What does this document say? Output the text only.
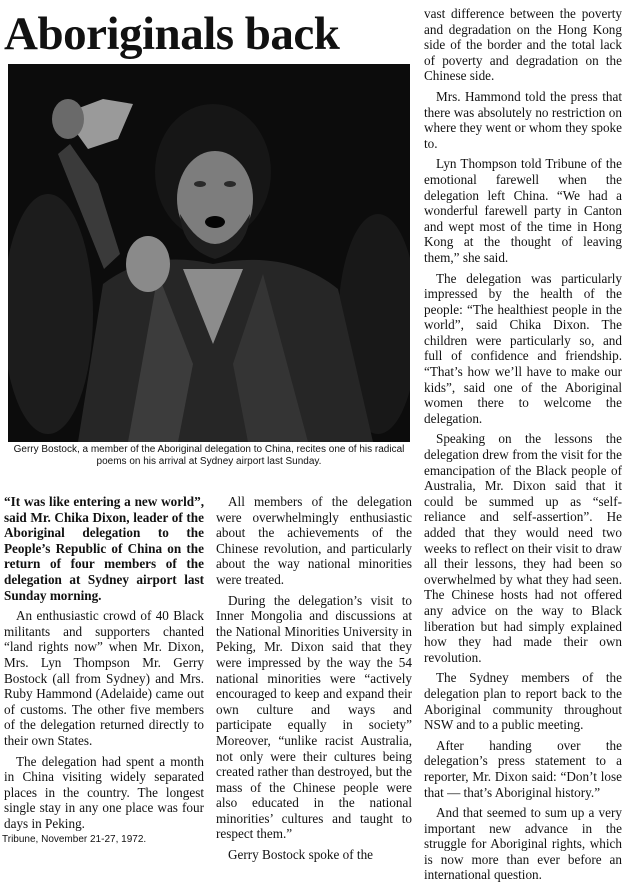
Aboriginals back

Gerry Bostock, a member of the Aboriginal delegation to China, recites one of his radical poems on his arrival at Sydney airport last Sunday.

“It was like entering a new world”, said Mr. Chika Dixon, leader of the Aboriginal delegation to the People’s Republic of China on the return of four members of the delegation at Sydney airport last Sunday morning.

An enthusiastic crowd of 40 Black militants and supporters chanted “land rights now” when Mr. Dixon, Mrs. Lyn Thompson Mr. Gerry Bostock (all from Sydney) and Mrs. Ruby Hammond (Adelaide) came out of customs. The other five members of the delegation returned directly to their own States.

The delegation had spent a month in China visiting widely separated places in the country. The longest single stay in any one place was four days in Peking.

All members of the delegation were overwhelmingly enthusiastic about the achievements of the Chinese revolution, and particularly about the way national minorities were treated.

During the delegation’s visit to Inner Mongolia and discussions at the National Minorities University in Peking, Mr. Dixon said that they were impressed by the way the 54 national minorities were “actively encouraged to keep and expand their own culture and ways and participate equally in society” Moreover, “unlike racist Australia, not only were their cultures being created rather than destroyed, but the mass of the Chinese people were also educated in the national minorities’ cultures and taught to respect them.”

Gerry Bostock spoke of the

vast difference between the poverty and degradation on the Hong Kong side of the border and the total lack of poverty and degradation on the Chinese side.

Mrs. Hammond told the press that there was absolutely no restriction on where they went or whom they spoke to.

Lyn Thompson told Tribune of the emotional farewell when the delegation left China. “We had a wonderful farewell party in Canton and wept most of the time in Hong Kong at the thought of leaving them,” she said.

The delegation was particularly impressed by the health of the people: “The healthiest people in the world”, said Chika Dixon. The children were particularly so, and full of confidence and friendship. “That’s how we’ll have to make our kids”, said one of the Aboriginal women there to welcome the delegation.

Speaking on the lessons the delegation drew from the visit for the emancipation of the Black people of Australia, Mr. Dixon said that it could be summed up as “self-reliance and self-assertion”. He added that they would need two weeks to reflect on their visit to draw all their lessons, they had been so overwhelmed by what they had seen. The Chinese hosts had not offered any advice on the way to Black liberation but had simply explained how they had made their own revolution.

The Sydney members of the delegation plan to report back to the Aboriginal community throughout NSW and to a public meeting.

After handing over the delegation’s press statement to a reporter, Mr. Dixon said: “Don’t lose that — that’s Aboriginal history.”

And that seemed to sum up a very important new advance in the struggle for Aboriginal rights, which is now more than ever before an international question.

Tribune, November 21-27, 1972.
